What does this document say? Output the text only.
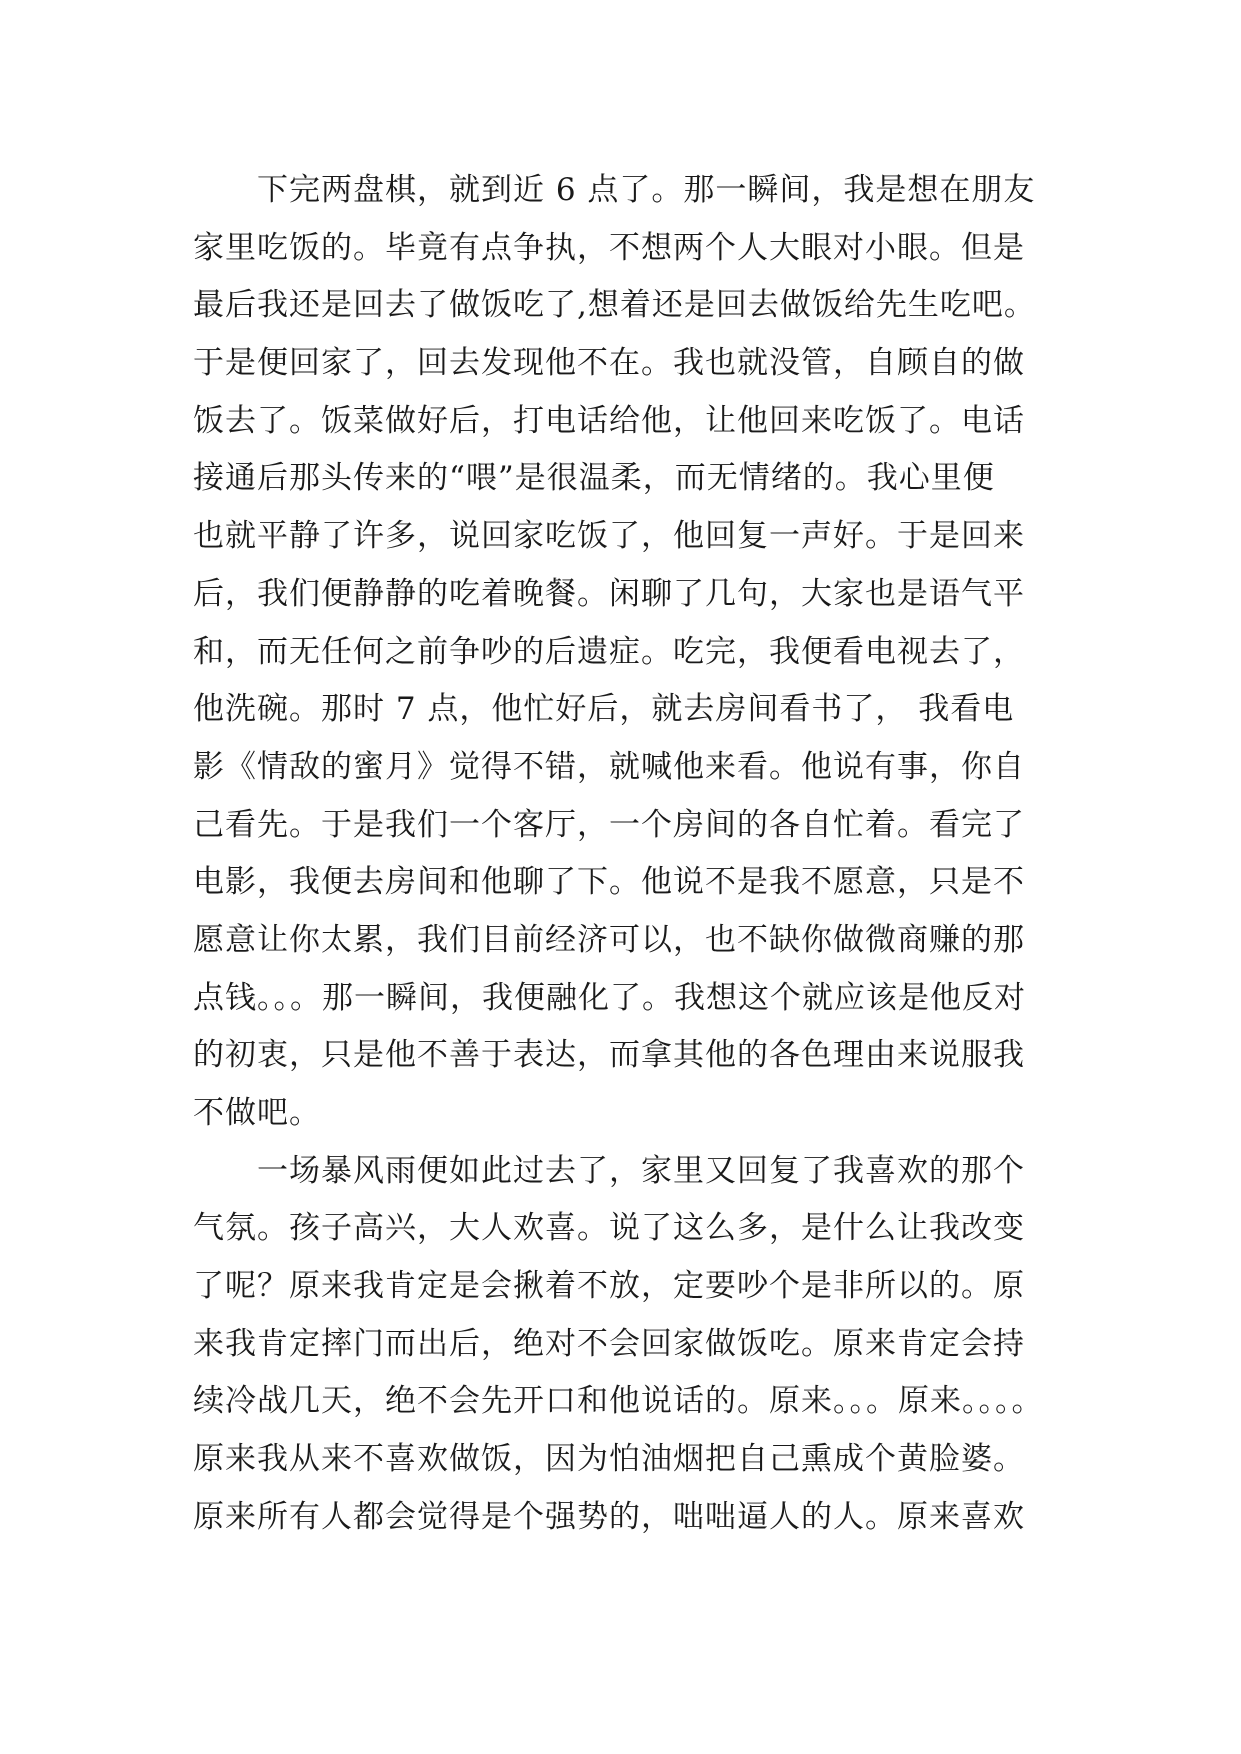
下完两盘棋，就到近 6 点了。那一瞬间，我是想在朋友
家里吃饭的。毕竟有点争执，不想两个人大眼对小眼。但是
最后我还是回去了做饭吃了,想着还是回去做饭给先生吃吧。
于是便回家了，回去发现他不在。我也就没管，自顾自的做
饭去了。饭菜做好后，打电话给他，让他回来吃饭了。电话
接通后那头传来的“喂”是很温柔，而无情绪的。我心里便
也就平静了许多，说回家吃饭了，他回复一声好。于是回来
后，我们便静静的吃着晚餐。闲聊了几句，大家也是语气平
和，而无任何之前争吵的后遗症。吃完，我便看电视去了，
他洗碗。那时 7 点，他忙好后，就去房间看书了， 我看电
影《情敌的蜜月》觉得不错，就喊他来看。他说有事，你自
己看先。于是我们一个客厅，一个房间的各自忙着。看完了
电影，我便去房间和他聊了下。他说不是我不愿意，只是不
愿意让你太累，我们目前经济可以，也不缺你做微商赚的那
点钱。。。那一瞬间，我便融化了。我想这个就应该是他反对
的初衷，只是他不善于表达，而拿其他的各色理由来说服我
不做吧。
一场暴风雨便如此过去了，家里又回复了我喜欢的那个
气氛。孩子高兴，大人欢喜。说了这么多，是什么让我改变
了呢？原来我肯定是会揪着不放，定要吵个是非所以的。原
来我肯定摔门而出后，绝对不会回家做饭吃。原来肯定会持
续冷战几天，绝不会先开口和他说话的。原来。。。原来。。。。
原来我从来不喜欢做饭，因为怕油烟把自己熏成个黄脸婆。
原来所有人都会觉得是个强势的，咄咄逼人的人。原来喜欢
